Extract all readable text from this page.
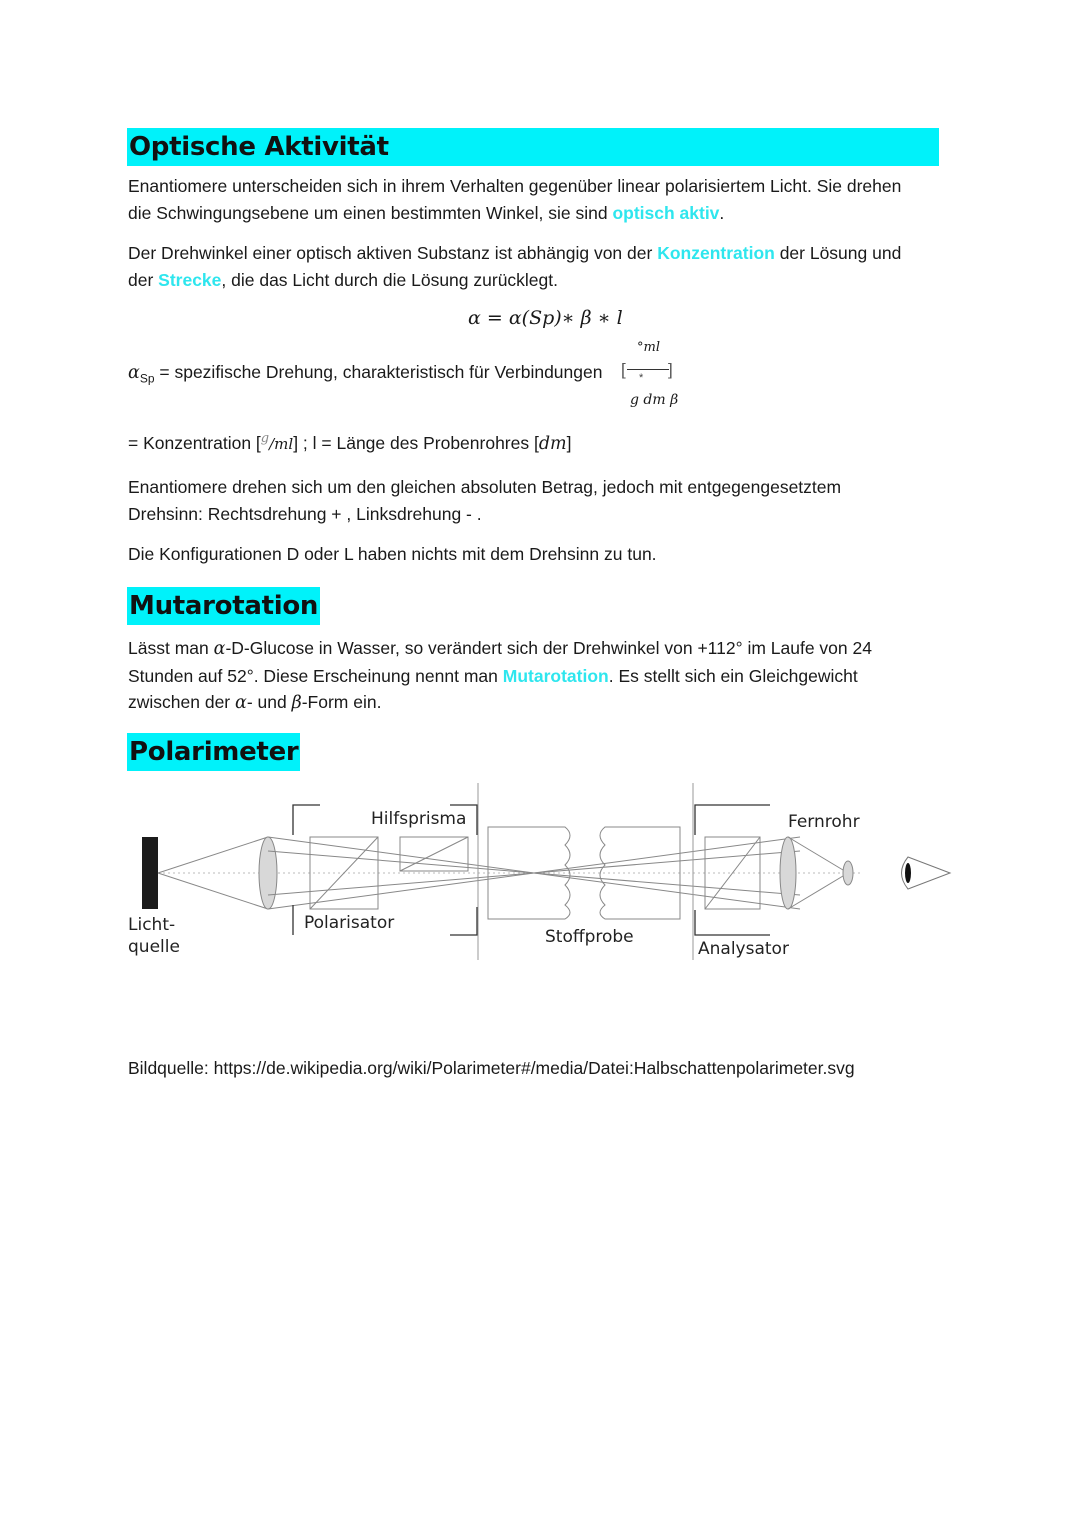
Optische Aktivität

Enantiomere unterscheiden sich in ihrem Verhalten gegenüber linear polarisiertem Licht. Sie drehen
die Schwingungsebene um einen bestimmten Winkel, sie sind optisch aktiv.

Der Drehwinkel einer optisch aktiven Substanz ist abhängig von der Konzentration der Lösung und
der Strecke, die das Licht durch die Lösung zurücklegt.

α = α(Sp)∗ β ∗ l
$\alpha_{Sp}$ = spezifische Drehung, charakteristisch für Verbindungen
°ml
[ ]
*
g dm β
= Konzentration [$^g$/ml] ; l = Länge des Probenrohres [dm]

Enantiomere drehen sich um den gleichen absoluten Betrag, jedoch mit entgegengesetztem
Drehsinn: Rechtsdrehung + , Linksdrehung - .

Die Konfigurationen D oder L haben nichts mit dem Drehsinn zu tun.

Mutarotation

Lässt man α-D-Glucose in Wasser, so verändert sich der Drehwinkel von +112° im Laufe von 24
Stunden auf 52°. Diese Erscheinung nennt man Mutarotation. Es stellt sich ein Gleichgewicht
zwischen der α- und β-Form ein.

Polarimeter
Licht-
quelle
Hilfsprisma
Polarisator
Stoffprobe
Fernrohr
Analysator

Bildquelle: https://de.wikipedia.org/wiki/Polarimeter#/media/Datei:Halbschattenpolarimeter.svg
